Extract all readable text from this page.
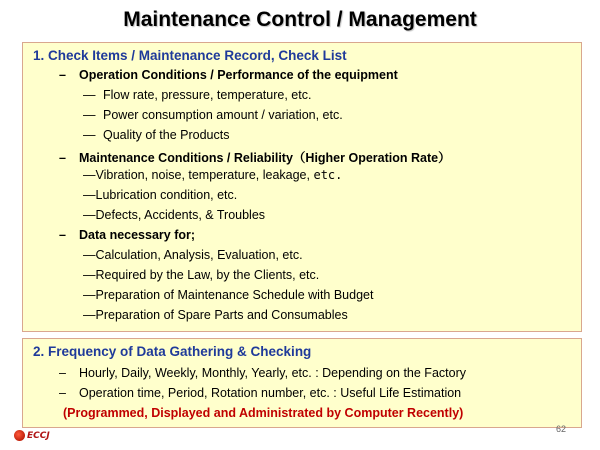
Maintenance Control / Management
1. Check Items / Maintenance Record, Check List
– Operation Conditions / Performance of the equipment
— Flow rate, pressure, temperature, etc.
— Power consumption amount / variation, etc.
— Quality of the Products
– Maintenance Conditions / Reliability（Higher Operation Rate）
—Vibration, noise, temperature, leakage, etc.
—Lubrication condition, etc.
—Defects, Accidents, & Troubles
– Data necessary for;
—Calculation, Analysis, Evaluation, etc.
—Required by the Law, by the Clients, etc.
—Preparation of Maintenance Schedule with Budget
—Preparation of Spare Parts and Consumables
2. Frequency of Data Gathering & Checking
– Hourly, Daily, Weekly, Monthly, Yearly, etc. : Depending on the Factory
– Operation time, Period, Rotation number, etc. : Useful Life Estimation
(Programmed, Displayed and Administrated by Computer Recently)
62
ECCJ
